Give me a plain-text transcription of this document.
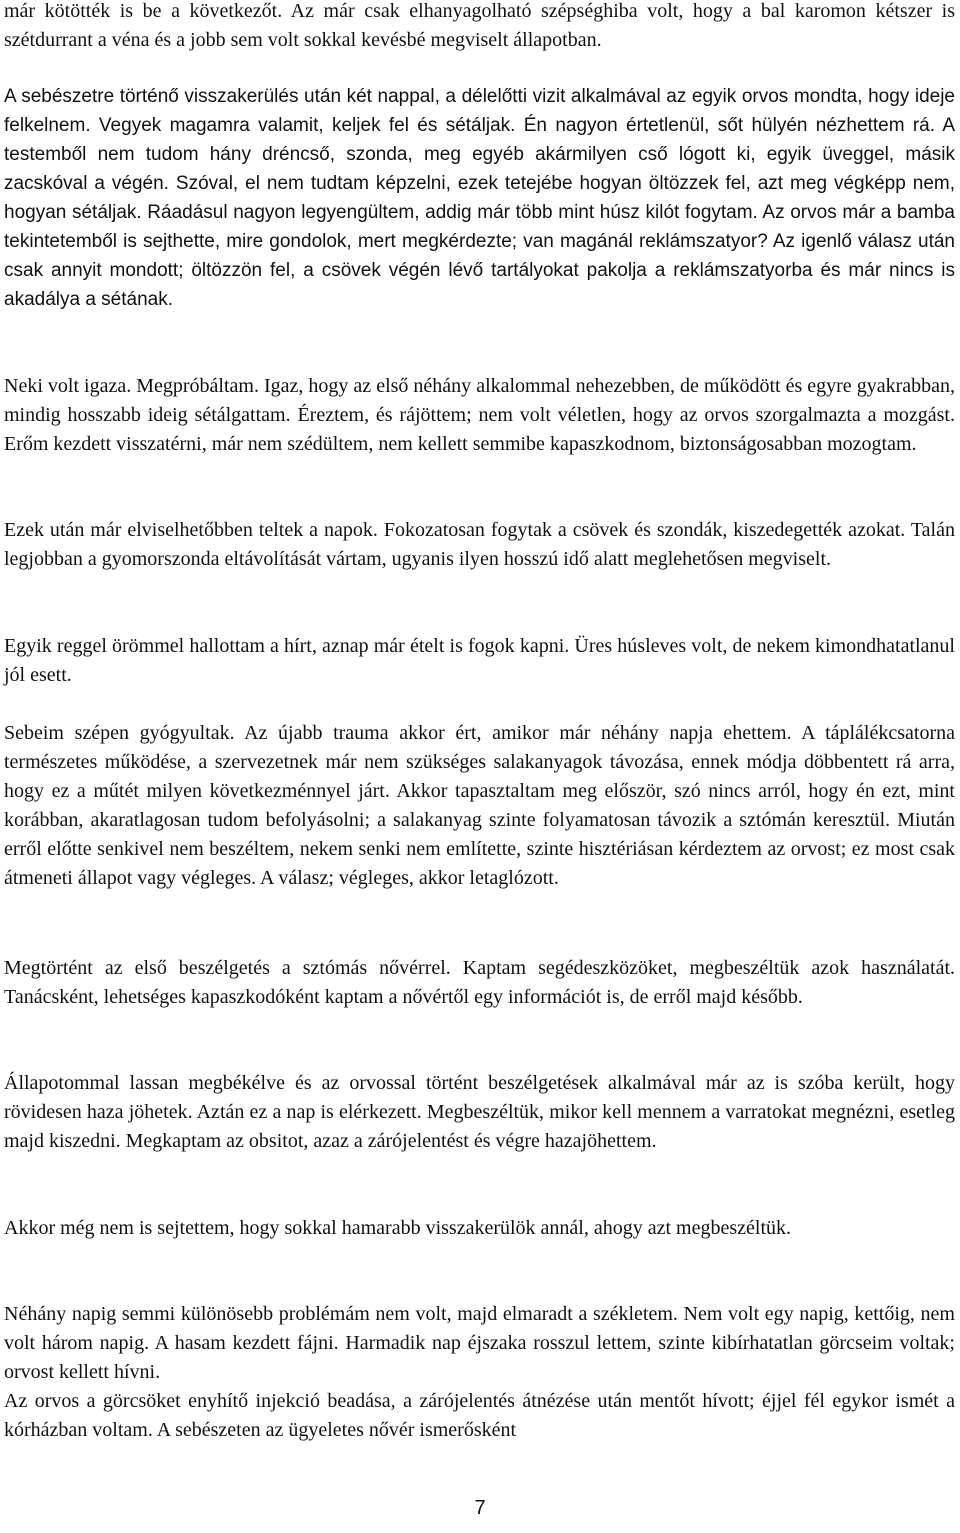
már kötötték is be a következőt. Az már csak elhanyagolható szépséghiba volt, hogy a bal karomon kétszer is szétdurrant a véna és a jobb sem volt sokkal kevésbé megviselt állapotban.

A sebészetre történő visszakerülés után két nappal, a délelőtti vizit alkalmával az egyik orvos mondta, hogy ideje felkelnem. Vegyek magamra valamit, keljek fel és sétáljak. Én nagyon értetlenül, sőt hülyén nézhettem rá. A testemből nem tudom hány dréncső, szonda, meg egyéb akármilyen cső lógott ki, egyik üveggel, másik zacskóval a végén. Szóval, el nem tudtam képzelni, ezek tetejébe hogyan öltözzek fel, azt meg végképp nem, hogyan sétáljak. Ráadásul nagyon legyengültem, addig már több mint húsz kilót fogytam. Az orvos már a bamba tekintetemből is sejthette, mire gondolok, mert megkérdezte; van magánál reklámszatyor? Az igenlő válasz után csak annyit mondott; öltözzön fel, a csövek végén lévő tartályokat pakolja a reklámszatyorba és már nincs is akadálya a sétának.

Neki volt igaza. Megpróbáltam. Igaz, hogy az első néhány alkalommal nehezebben, de működött és egyre gyakrabban, mindig hosszabb ideig sétálgattam. Éreztem, és rájöttem; nem volt véletlen, hogy az orvos szorgalmazta a mozgást. Erőm kezdett visszatérni, már nem szédültem, nem kellett semmibe kapaszkodnom, biztonságosabban mozogtam.

Ezek után már elviselhetőbben teltek a napok. Fokozatosan fogytak a csövek és szondák, kiszedegették azokat. Talán legjobban a gyomorszonda eltávolítását vártam, ugyanis ilyen hosszú idő alatt meglehetősen megviselt.

Egyik reggel örömmel hallottam a hírt, aznap már ételt is fogok kapni. Üres húsleves volt, de nekem kimondhatatlanul jól esett.

Sebeim szépen gyógyultak. Az újabb trauma akkor ért, amikor már néhány napja ehettem. A táplálékcsatorna természetes működése, a szervezetnek már nem szükséges salakanyagok távozása, ennek módja döbbentett rá arra, hogy ez a műtét milyen következménnyel járt. Akkor tapasztaltam meg először, szó nincs arról, hogy én ezt, mint korábban, akaratlagosan tudom befolyásolni; a salakanyag szinte folyamatosan távozik a sztómán keresztül. Miután erről előtte senkivel nem beszéltem, nekem senki nem említette, szinte hisztériásan kérdeztem az orvost; ez most csak átmeneti állapot vagy végleges. A válasz; végleges, akkor letaglózott.

Megtörtént az első beszélgetés a sztómás nővérrel. Kaptam segédeszközöket, megbeszéltük azok használatát. Tanácsként, lehetséges kapaszkodóként kaptam a nővértől egy információt is, de erről majd később.

Állapotommal lassan megbékélve és az orvossal történt beszélgetések alkalmával már az is szóba került, hogy rövidesen haza jöhetek. Aztán ez a nap is elérkezett. Megbeszéltük, mikor kell mennem a varratokat megnézni, esetleg majd kiszedni. Megkaptam az obsitot, azaz a zárójelentést és végre hazajöhettem.

Akkor még nem is sejtettem, hogy sokkal hamarabb visszakerülök annál, ahogy azt megbeszéltük.

Néhány napig semmi különösebb problémám nem volt, majd elmaradt a székletem. Nem volt egy napig, kettőig, nem volt három napig. A hasam kezdett fájni. Harmadik nap éjszaka rosszul lettem, szinte kibírhatatlan görcseim voltak; orvost kellett hívni.

Az orvos a görcsöket enyhítő injekció beadása, a zárójelentés átnézése után mentőt hívott; éjjel fél egykor ismét a kórházban voltam. A sebészeten az ügyeletes nővér ismerősként

7
